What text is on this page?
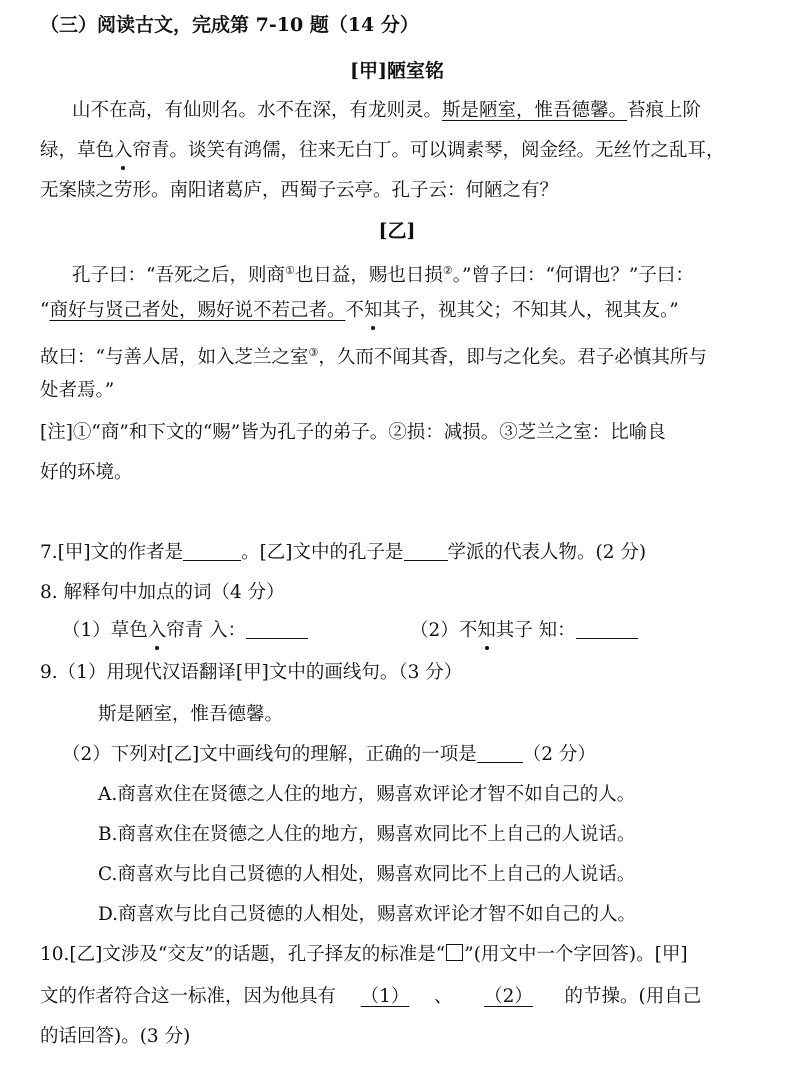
（三）阅读古文，完成第 7-10 题（14 分）
[甲]陋室铭
山不在高，有仙则名。水不在深，有龙则灵。斯是陋室，惟吾德馨。苔痕上阶
绿，草色入帘青。谈笑有鸿儒，往来无白丁。可以调素琴，阅金经。无丝竹之乱耳，
无案牍之劳形。南阳诸葛庐，西蜀子云亭。孔子云：何陋之有？
[乙]
孔子曰：“吾死之后，则商①也日益，赐也日损②。”曾子曰：“何谓也？”子曰：
“商好与贤己者处，赐好说不若己者。不知其子，视其父；不知其人，视其友。”
故曰：“与善人居，如入芝兰之室③，久而不闻其香，即与之化矣。君子必慎其所与
处者焉。”
[注]①“商”和下文的“赐”皆为孔子的弟子。②损：减损。③芝兰之室：比喻良
好的环境。
7.[甲]文的作者是	。[乙]文中的孔子是 学派的代表人物。(2 分)
8. 解释句中加点的词（4 分）
（1）草色入帘青 入：	（2）不知其子 知：
9.（1）用现代汉语翻译[甲]文中的画线句。（3 分）
斯是陋室，惟吾德馨。
（2）下列对[乙]文中画线句的理解，正确的一项是 （2 分）
A.商喜欢住在贤德之人住的地方，赐喜欢评论才智不如自己的人。
B.商喜欢住在贤德之人住的地方，赐喜欢同比不上自己的人说话。
C.商喜欢与比自己贤德的人相处，赐喜欢同比不上自己的人说话。
D.商喜欢与比自己贤德的人相处，赐喜欢评论才智不如自己的人。
10.[乙]文涉及“交友”的话题，孔子择友的标准是“ ”(用文中一个字回答)。[甲]
文的作者符合这一标准，因为他具有 （1） 、 （2） 的节操。(用自己
的话回答)。(3 分)
